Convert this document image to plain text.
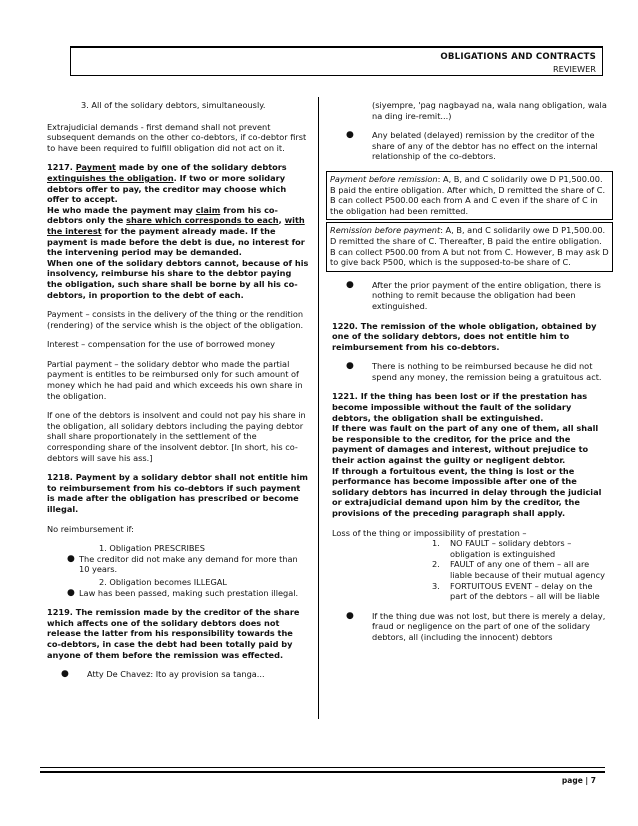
OBLIGATIONS AND CONTRACTS
REVIEWER

3. All of the solidary debtors, simultaneously.

Extrajudicial demands - first demand shall not prevent subsequent demands on the other co-debtors, if co-debtor first to have been required to fulfill obligation did not act on it.

1217. Payment made by one of the solidary debtors extinguishes the obligation. If two or more solidary debtors offer to pay, the creditor may choose which offer to accept.
He who made the payment may claim from his co-debtors only the share which corresponds to each, with the interest for the payment already made. If the payment is made before the debt is due, no interest for the intervening period may be demanded.
When one of the solidary debtors cannot, because of his insolvency, reimburse his share to the debtor paying the obligation, such share shall be borne by all his co-debtors, in proportion to the debt of each.

Payment – consists in the delivery of the thing or the rendition (rendering) of the service whish is the object of the obligation.

Interest – compensation for the use of borrowed money

Partial payment – the solidary debtor who made the partial payment is entitles to be reimbursed only for such amount of money which he had paid and which exceeds his own share in the obligation.

If one of the debtors is insolvent and could not pay his share in the obligation, all solidary debtors including the paying debtor shall share proportionately in the settlement of the corresponding share of the insolvent debtor. [In short, his co-debtors will save his ass.]

1218. Payment by a solidary debtor shall not entitle him to reimbursement from his co-debtors if such payment is made after the obligation has prescribed or become illegal.

No reimbursement if:

1. Obligation PRESCRIBES
● The creditor did not make any demand for more than 10 years.
2. Obligation becomes ILLEGAL
● Law has been passed, making such prestation illegal.

1219. The remission made by the creditor of the share which affects one of the solidary debtors does not release the latter from his responsibility towards the co-debtors, in case the debt had been totally paid by anyone of them before the remission was effected.

● Atty De Chavez: Ito ay provision sa tanga...

(siyempre, 'pag nagbayad na, wala nang obligation, wala na ding ire-remit...)

● Any belated (delayed) remission by the creditor of the share of any of the debtor has no effect on the internal relationship of the co-debtors.
Payment before remission: A, B, and C solidarily owe D P1,500.00. B paid the entire obligation. After which, D remitted the share of C. B can collect P500.00 each from A and C even if the share of C in the obligation had been remitted.
Remission before payment: A, B, and C solidarily owe D P1,500.00. D remitted the share of C. Thereafter, B paid the entire obligation. B can collect P500.00 from A but not from C. However, B may ask D to give back P500, which is the supposed-to-be share of C.
● After the prior payment of the entire obligation, there is nothing to remit because the obligation had been extinguished.

1220. The remission of the whole obligation, obtained by one of the solidary debtors, does not entitle him to reimbursement from his co-debtors.

● There is nothing to be reimbursed because he did not spend any money, the remission being a gratuitous act.

1221. If the thing has been lost or if the prestation has become impossible without the fault of the solidary debtors, the obligation shall be extinguished.
If there was fault on the part of any one of them, all shall be responsible to the creditor, for the price and the payment of damages and interest, without prejudice to their action against the guilty or negligent debtor.
If through a fortuitous event, the thing is lost or the performance has become impossible after one of the solidary debtors has incurred in delay through the judicial or extrajudicial demand upon him by the creditor, the provisions of the preceding paragraph shall apply.

Loss of the thing or impossibility of prestation –

1. NO FAULT – solidary debtors – obligation is extinguished
2. FAULT of any one of them – all are liable because of their mutual agency
3. FORTUITOUS EVENT – delay on the part of the debtors – all will be liable
● If the thing due was not lost, but there is merely a delay, fraud or negligence on the part of one of the solidary debtors, all (including the innocent) debtors
page | 7
